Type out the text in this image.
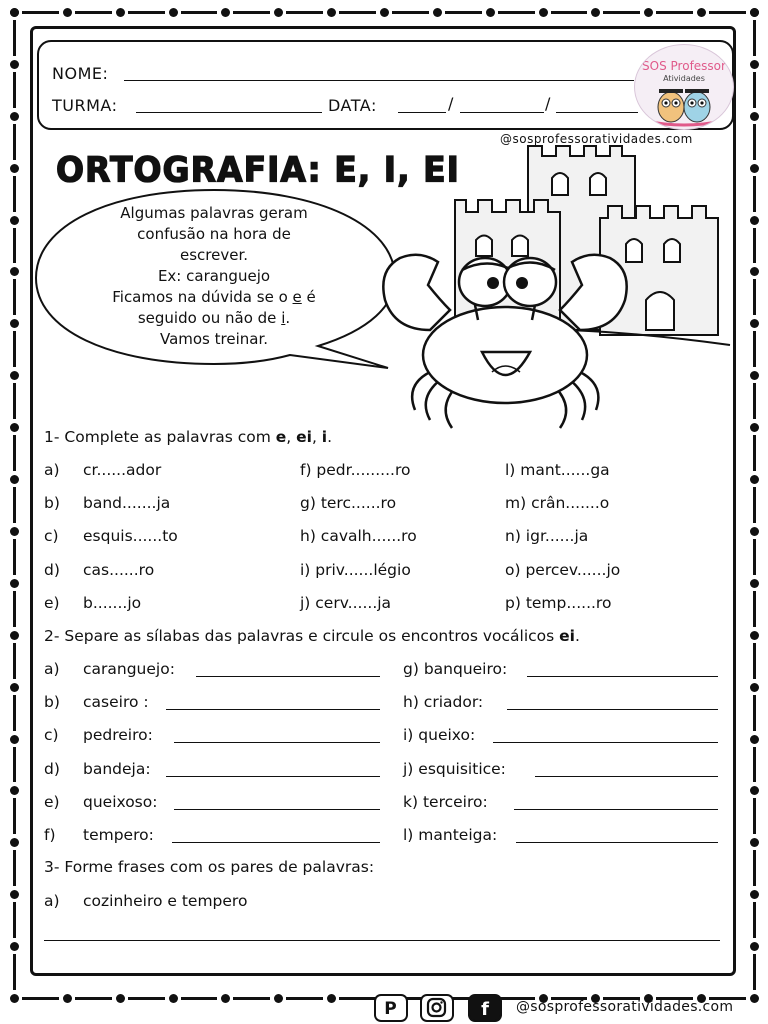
NOME:
TURMA:	DATA:	/	/
SOS Professor
Atividades
@sosprofessoratividades.com
ORTOGRAFIA: E, I, EI
Algumas palavras geram
confusão na hora de
escrever.
Ex: caranguejo
Ficamos na dúvida se o e é
seguido ou não de i.
Vamos treinar.
1- Complete as palavras com e, ei, i.
a) cr......ador
b) band.......ja
c) esquis......to
d) cas......ro
e) b.......jo
f) pedr.........ro
g) terc......ro
h) cavalh......ro
i) priv......légio
j) cerv......ja
l) mant......ga
m) crân.......o
n) igr......ja
o) percev......jo
p) temp......ro
2- Separe as sílabas das palavras e circule os encontros vocálicos ei.
a) caranguejo:
b) caseiro :
c) pedreiro:
d) bandeja:
e) queixoso:
f) tempero:
g) banqueiro:
h) criador:
i) queixo:
j) esquisitice:
k) terceiro:
l) manteiga:
3- Forme frases com os pares de palavras:
a) cozinheiro e tempero
P	f @sosprofessoratividades.com
